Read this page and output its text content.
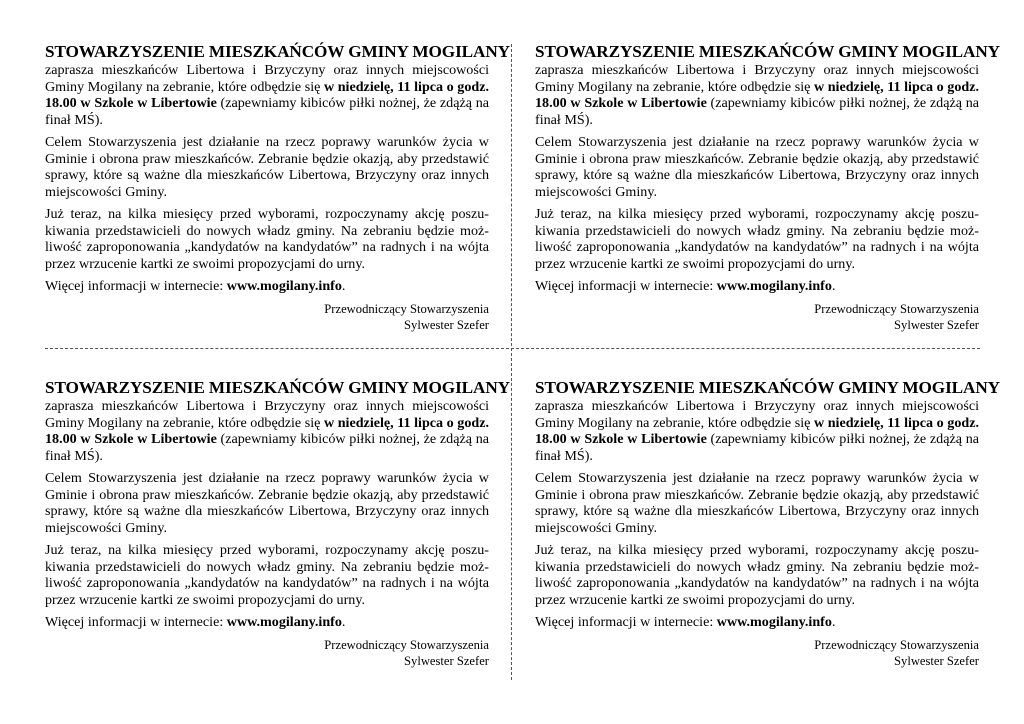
STOWARZYSZENIE MIESZKAŃCÓW GMINY MOGILANY

zaprasza mieszkańców Libertowa i Brzyczyny oraz innych miejscowości Gminy Mogilany na zebranie, które odbędzie się w niedzielę, 11 lipca o godz. 18.00 w Szkole w Libertowie (zapewniamy kibiców piłki nożnej, że zdążą na finał MŚ).

Celem Stowarzyszenia jest działanie na rzecz poprawy warunków życia w Gminie i obrona praw mieszkańców. Zebranie będzie okazją, aby przedstawić sprawy, które są ważne dla mieszkańców Libertowa, Brzyczyny oraz innych miejscowości Gminy.

Już teraz, na kilka miesięcy przed wyborami, rozpoczynamy akcję poszukiwania przedstawicieli do nowych władz gminy. Na zebraniu będzie możliwość zaproponowania „kandydatów na kandydatów” na radnych i na wójta przez wrzucenie kartki ze swoimi propozycjami do urny.

Więcej informacji w internecie: www.mogilany.info.

Przewodniczący Stowarzyszenia
Sylwester Szefer
STOWARZYSZENIE MIESZKAŃCÓW GMINY MOGILANY

zaprasza mieszkańców Libertowa i Brzyczyny oraz innych miejscowości Gminy Mogilany na zebranie, które odbędzie się w niedzielę, 11 lipca o godz. 18.00 w Szkole w Libertowie (zapewniamy kibiców piłki nożnej, że zdążą na finał MŚ).

Celem Stowarzyszenia jest działanie na rzecz poprawy warunków życia w Gminie i obrona praw mieszkańców. Zebranie będzie okazją, aby przedstawić sprawy, które są ważne dla mieszkańców Libertowa, Brzyczyny oraz innych miejscowości Gminy.

Już teraz, na kilka miesięcy przed wyborami, rozpoczynamy akcję poszukiwania przedstawicieli do nowych władz gminy. Na zebraniu będzie możliwość zaproponowania „kandydatów na kandydatów” na radnych i na wójta przez wrzucenie kartki ze swoimi propozycjami do urny.

Więcej informacji w internecie: www.mogilany.info.

Przewodniczący Stowarzyszenia
Sylwester Szefer
STOWARZYSZENIE MIESZKAŃCÓW GMINY MOGILANY

zaprasza mieszkańców Libertowa i Brzyczyny oraz innych miejscowości Gminy Mogilany na zebranie, które odbędzie się w niedzielę, 11 lipca o godz. 18.00 w Szkole w Libertowie (zapewniamy kibiców piłki nożnej, że zdążą na finał MŚ).

Celem Stowarzyszenia jest działanie na rzecz poprawy warunków życia w Gminie i obrona praw mieszkańców. Zebranie będzie okazją, aby przedstawić sprawy, które są ważne dla mieszkańców Libertowa, Brzyczyny oraz innych miejscowości Gminy.

Już teraz, na kilka miesięcy przed wyborami, rozpoczynamy akcję poszukiwania przedstawicieli do nowych władz gminy. Na zebraniu będzie możliwość zaproponowania „kandydatów na kandydatów” na radnych i na wójta przez wrzucenie kartki ze swoimi propozycjami do urny.

Więcej informacji w internecie: www.mogilany.info.

Przewodniczący Stowarzyszenia
Sylwester Szefer
STOWARZYSZENIE MIESZKAŃCÓW GMINY MOGILANY

zaprasza mieszkańców Libertowa i Brzyczyny oraz innych miejscowości Gminy Mogilany na zebranie, które odbędzie się w niedzielę, 11 lipca o godz. 18.00 w Szkole w Libertowie (zapewniamy kibiców piłki nożnej, że zdążą na finał MŚ).

Celem Stowarzyszenia jest działanie na rzecz poprawy warunków życia w Gminie i obrona praw mieszkańców. Zebranie będzie okazją, aby przedstawić sprawy, które są ważne dla mieszkańców Libertowa, Brzyczyny oraz innych miejscowości Gminy.

Już teraz, na kilka miesięcy przed wyborami, rozpoczynamy akcję poszukiwania przedstawicieli do nowych władz gminy. Na zebraniu będzie możliwość zaproponowania „kandydatów na kandydatów” na radnych i na wójta przez wrzucenie kartki ze swoimi propozycjami do urny.

Więcej informacji w internecie: www.mogilany.info.

Przewodniczący Stowarzyszenia
Sylwester Szefer
